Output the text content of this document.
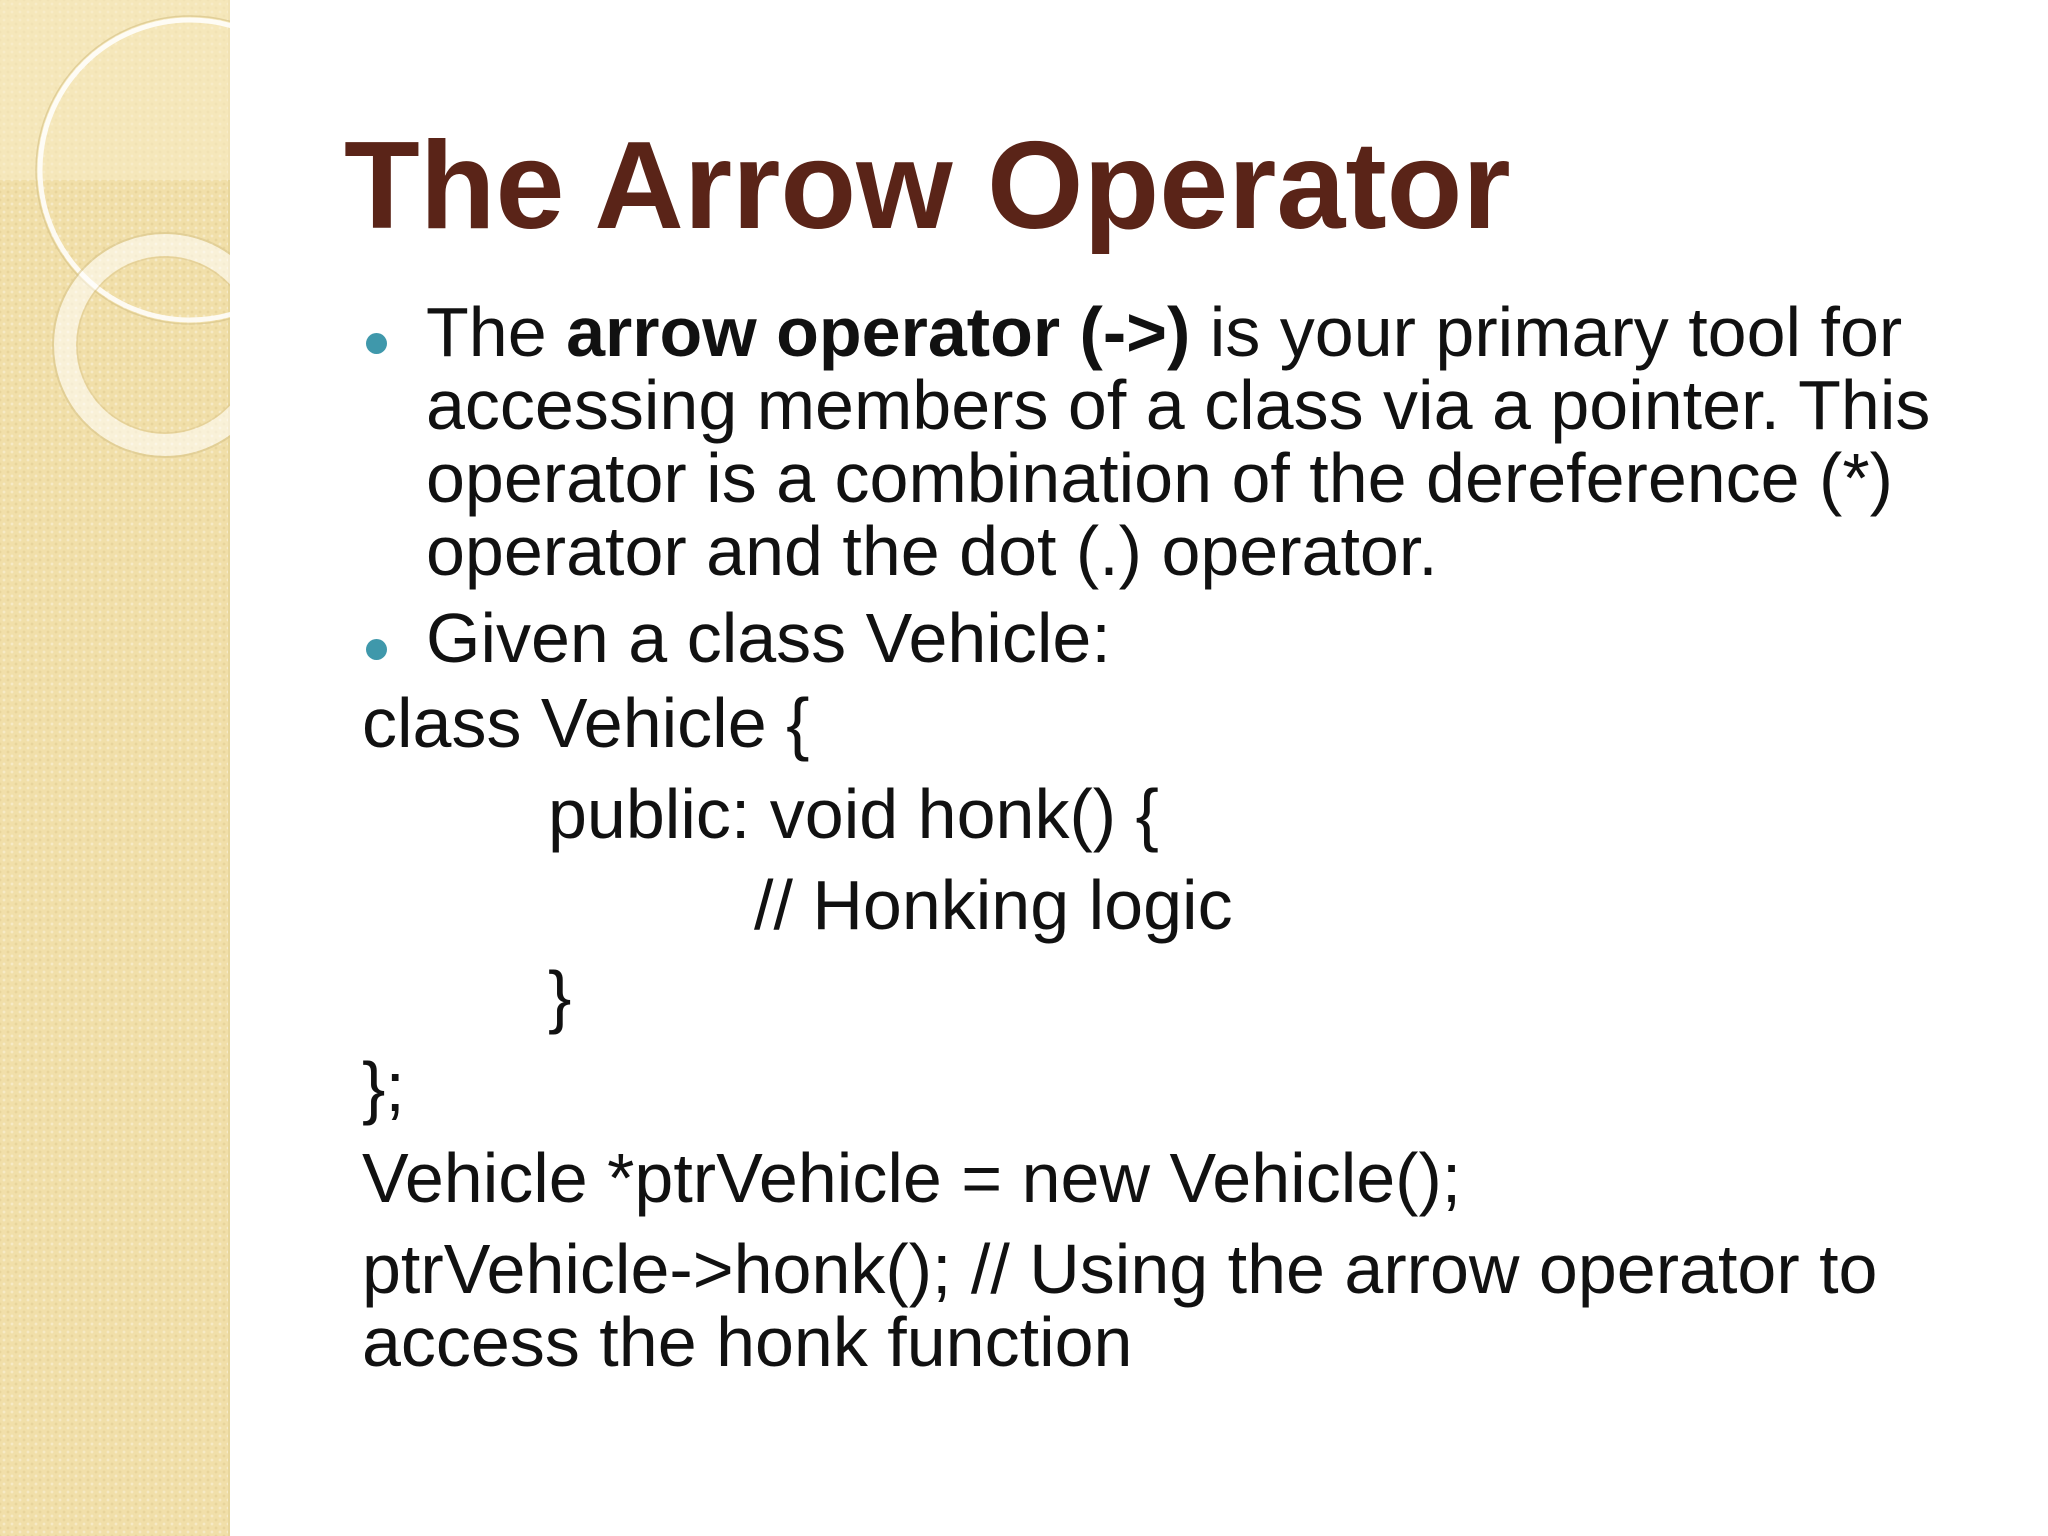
The Arrow Operator
The arrow operator (->) is your primary tool for accessing members of a class via a pointer. This operator is a combination of the dereference (*) operator and the dot (.) operator.
Given a class Vehicle:
class Vehicle {
public: void honk() {
// Honking logic
}
};
Vehicle *ptrVehicle = new Vehicle();
ptrVehicle->honk(); // Using the arrow operator to access the honk function
